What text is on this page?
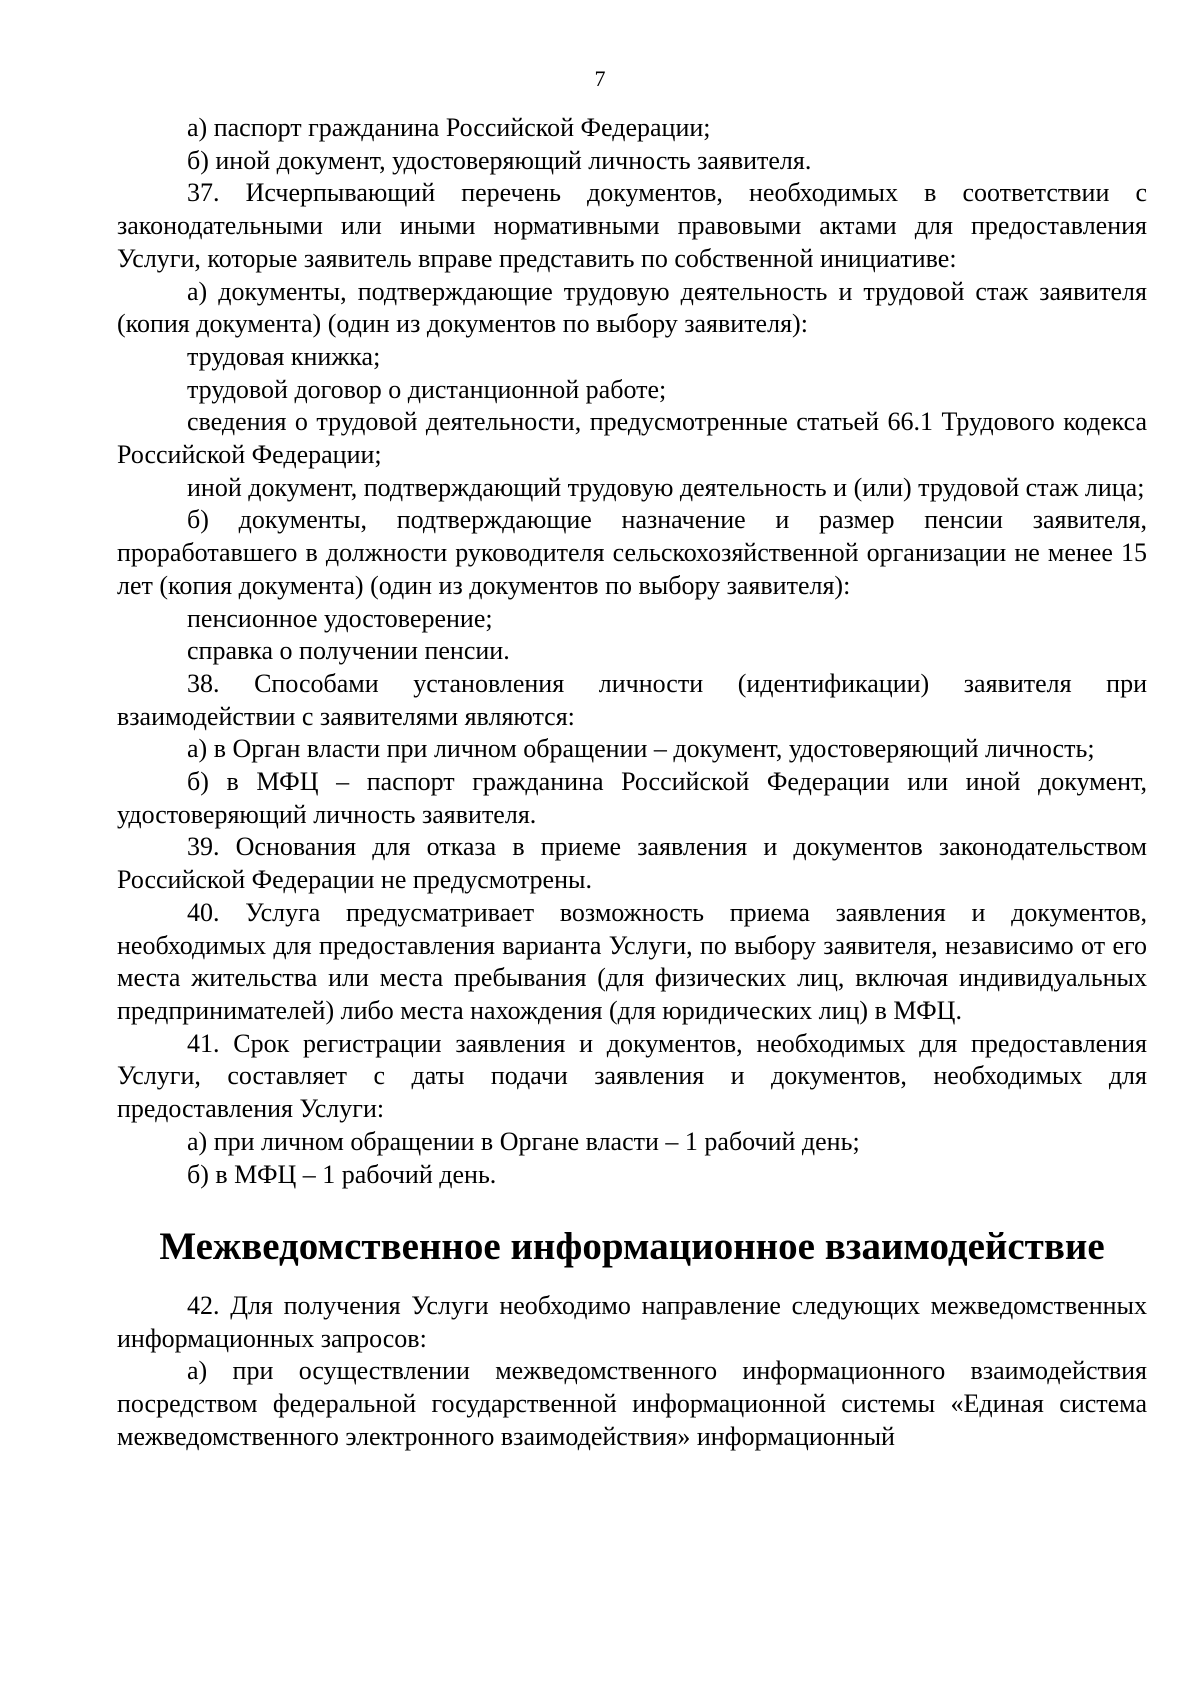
7

а) паспорт гражданина Российской Федерации;

б) иной документ, удостоверяющий личность заявителя.

37. Исчерпывающий перечень документов, необходимых в соответствии с законодательными или иными нормативными правовыми актами для предоставления Услуги, которые заявитель вправе представить по собственной инициативе:

а) документы, подтверждающие трудовую деятельность и трудовой стаж заявителя (копия документа) (один из документов по выбору заявителя):

трудовая книжка;

трудовой договор о дистанционной работе;

сведения о трудовой деятельности, предусмотренные статьей 66.1 Трудового кодекса Российской Федерации;

иной документ, подтверждающий трудовую деятельность и (или) трудовой стаж лица;

б) документы, подтверждающие назначение и размер пенсии заявителя, проработавшего в должности руководителя сельскохозяйственной организации не менее 15 лет (копия документа) (один из документов по выбору заявителя):

пенсионное удостоверение;

справка о получении пенсии.

38. Способами установления личности (идентификации) заявителя при взаимодействии с заявителями являются:

а) в Орган власти при личном обращении – документ, удостоверяющий личность;

б) в МФЦ – паспорт гражданина Российской Федерации или иной документ, удостоверяющий личность заявителя.

39. Основания для отказа в приеме заявления и документов законодательством Российской Федерации не предусмотрены.

40. Услуга предусматривает возможность приема заявления и документов, необходимых для предоставления варианта Услуги, по выбору заявителя, независимо от его места жительства или места пребывания (для физических лиц, включая индивидуальных предпринимателей) либо места нахождения (для юридических лиц) в МФЦ.

41. Срок регистрации заявления и документов, необходимых для предоставления Услуги, составляет с даты подачи заявления и документов, необходимых для предоставления Услуги:

а) при личном обращении в Органе власти – 1 рабочий день;

б) в МФЦ – 1 рабочий день.

Межведомственное информационное взаимодействие

42. Для получения Услуги необходимо направление следующих межведомственных информационных запросов:

а) при осуществлении межведомственного информационного взаимодействия посредством федеральной государственной информационной системы «Единая система межведомственного электронного взаимодействия» информационный
